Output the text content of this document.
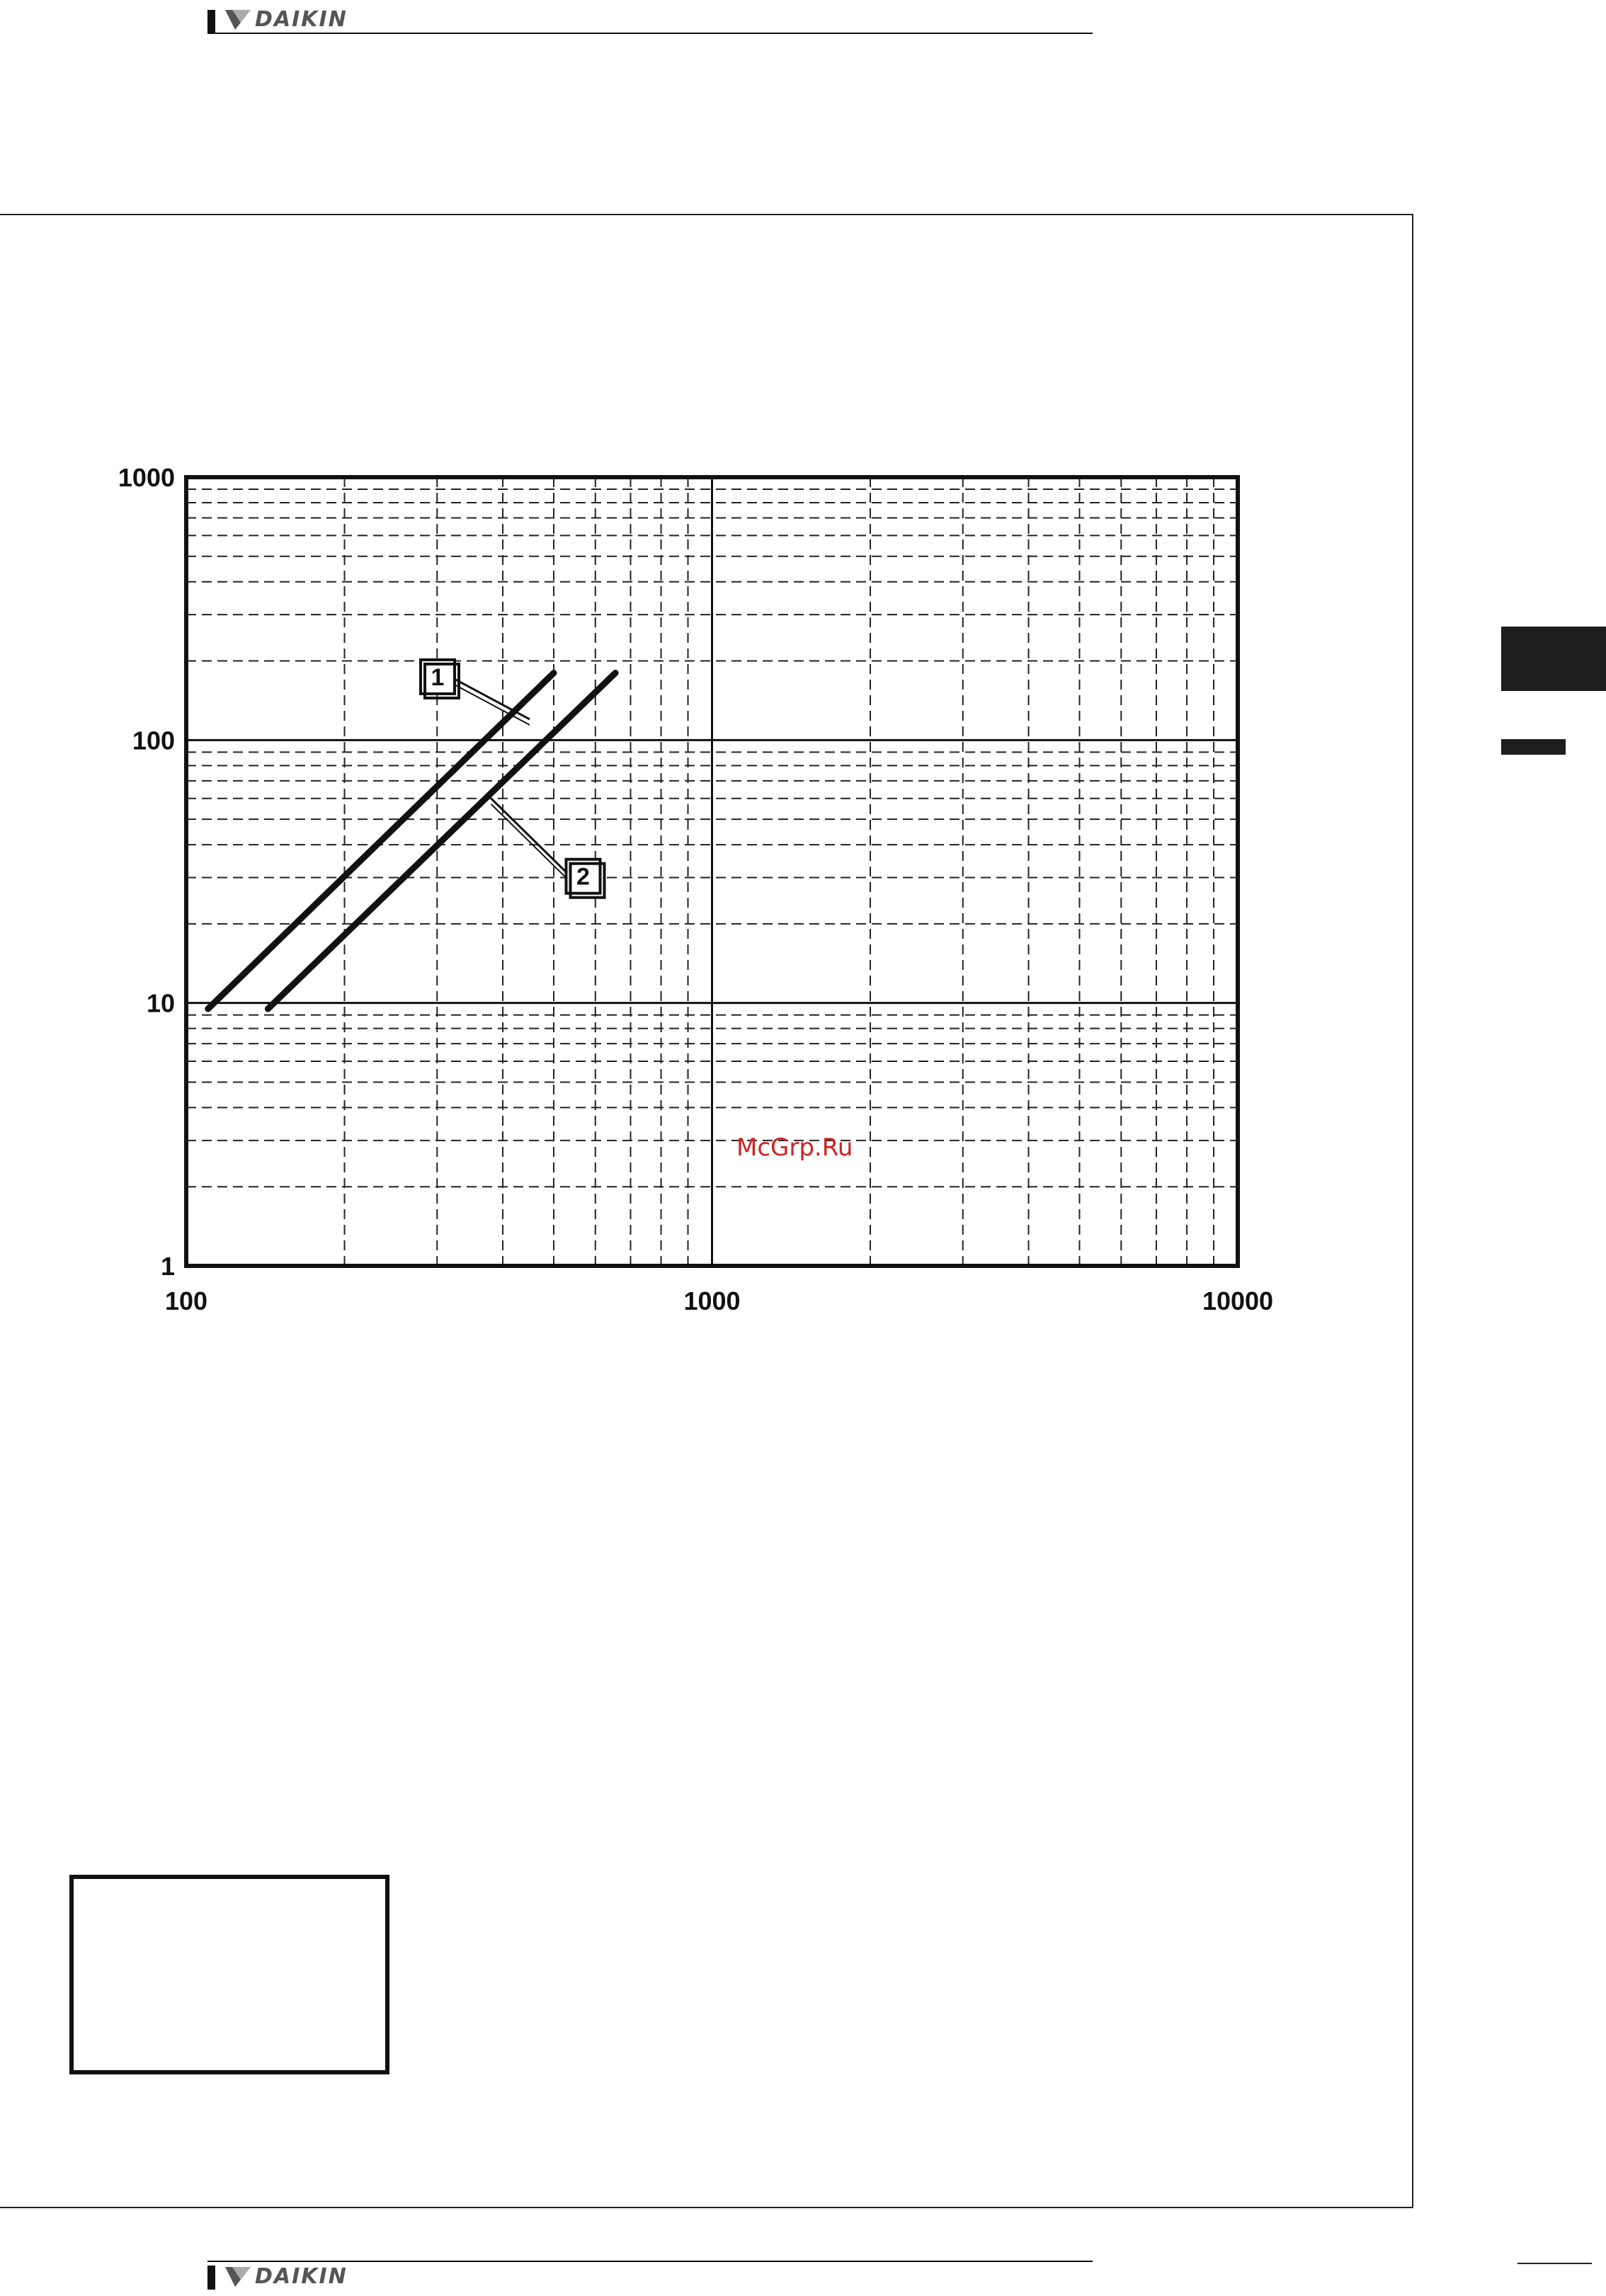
DAIKIN
100	1000	10000
1000
100
10
1
1
2
McGrp.Ru
DAIKIN
